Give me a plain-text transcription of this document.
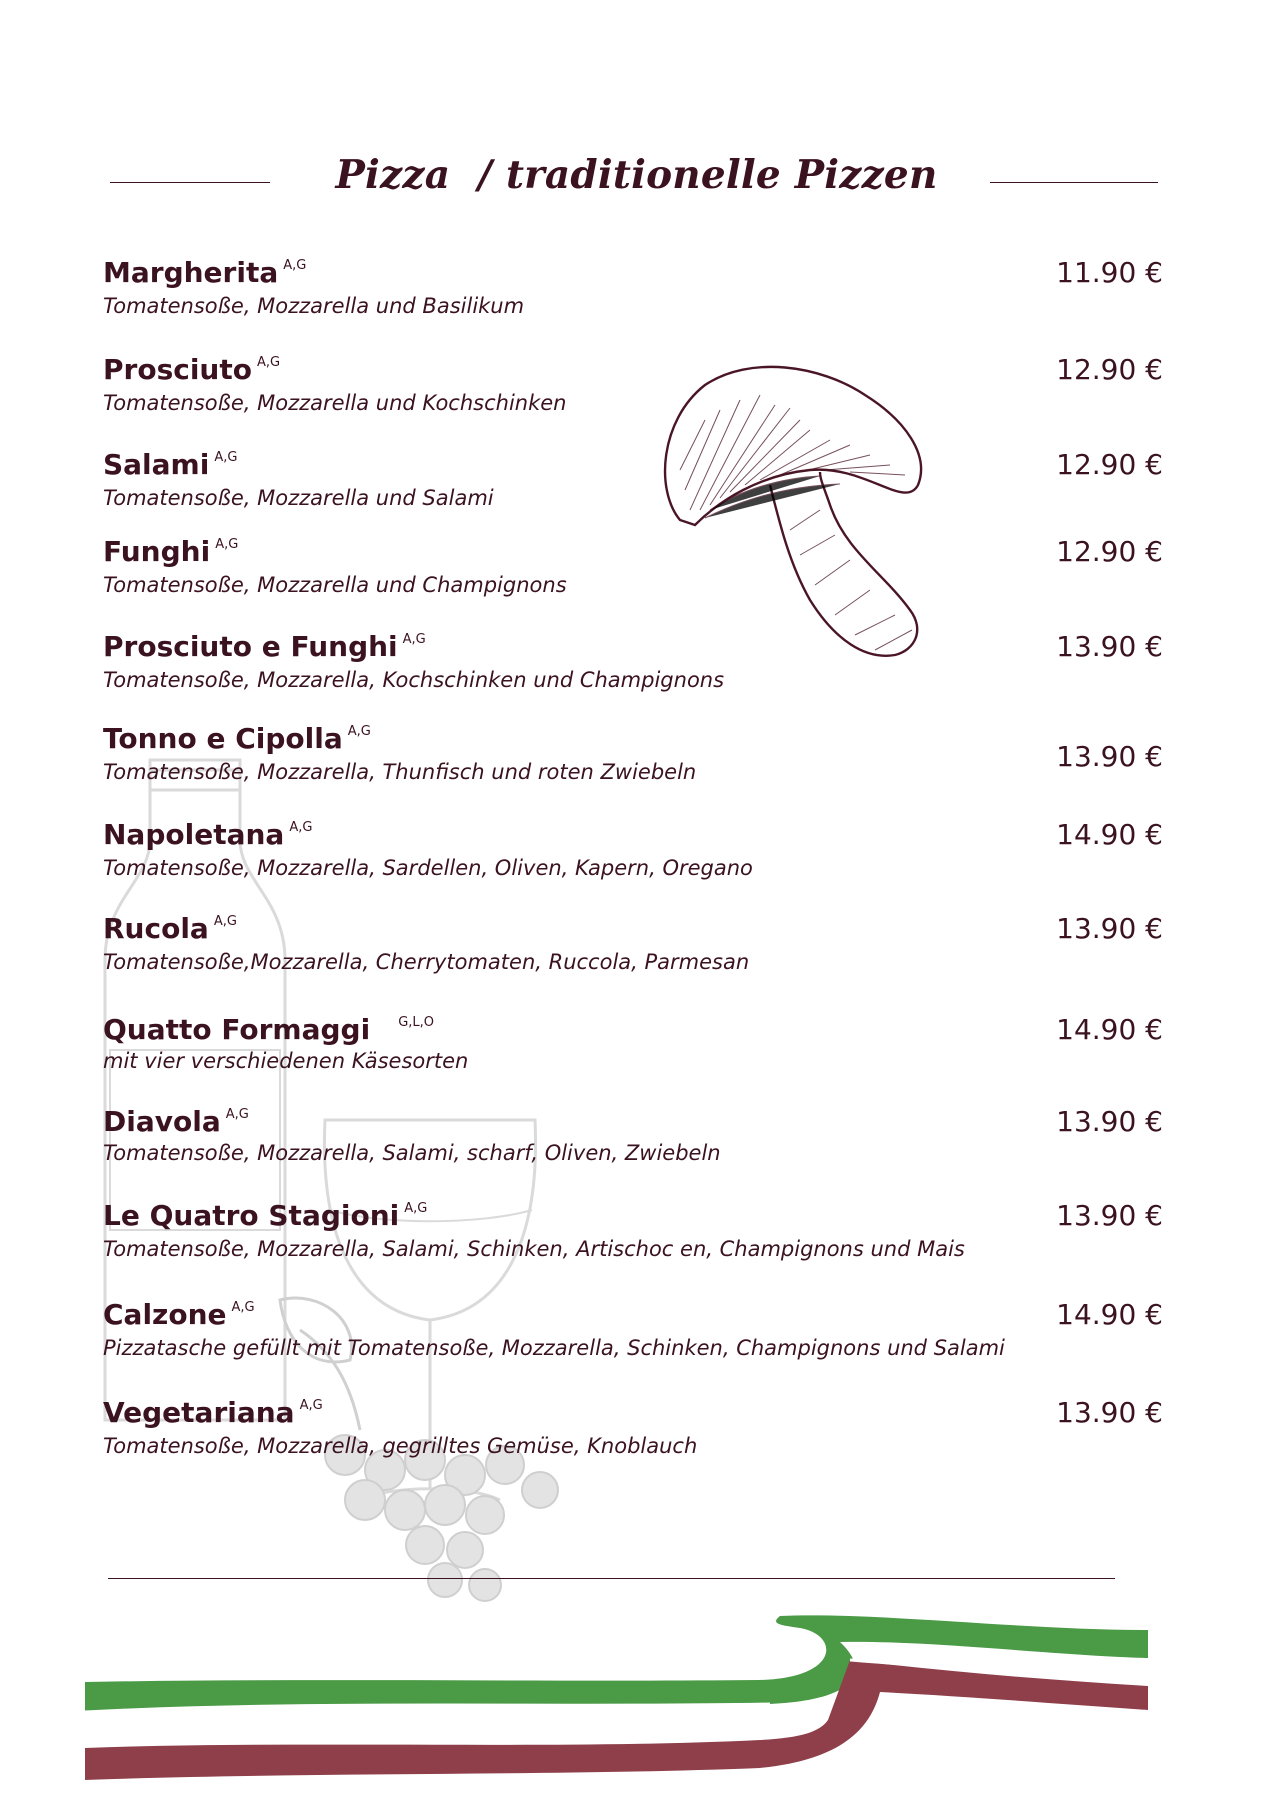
Pizza  / traditionelle Pizzen
Margherita $^{A,G}$
Tomatensoße, Mozzarella und Basilikum
11.90 €
Prosciuto $^{A,G}$
Tomatensoße, Mozzarella und Kochschinken
12.90 €
Salami $^{A,G}$
Tomatensoße, Mozzarella und Salami
12.90 €
Funghi $^{A,G}$
Tomatensoße, Mozzarella und Champignons
12.90 €
Prosciuto e Funghi $^{A,G}$
Tomatensoße, Mozzarella, Kochschinken und Champignons
13.90 €
Tonno e Cipolla $^{A,G}$
Tomatensoße, Mozzarella, Thunfisch und roten Zwiebeln	13.90 €
Napoletana $^{A,G}$
Tomatensoße, Mozzarella, Sardellen, Oliven, Kapern, Oregano
14.90 €
Rucola $^{A,G}$
Tomatensoße,Mozzarella, Cherrytomaten, Ruccola, Parmesan
13.90 €
Quatto Formaggi $^{G,L,O}$
mit vier verschiedenen Käsesorten
14.90 €
Diavola $^{A,G}$
Tomatensoße, Mozzarella, Salami, scharf, Oliven, Zwiebeln
13.90 €
Le Quatro Stagioni $^{A,G}$
Tomatensoße, Mozzarella, Salami, Schinken, Artischoc en, Champignons und Mais
13.90 €
Calzone $^{A,G}$
Pizzatasche gefüllt mit Tomatensoße, Mozzarella, Schinken, Champignons und Salami
14.90 €
Vegetariana $^{A,G}$
Tomatensoße, Mozzarella, gegrilltes Gemüse, Knoblauch
13.90 €
